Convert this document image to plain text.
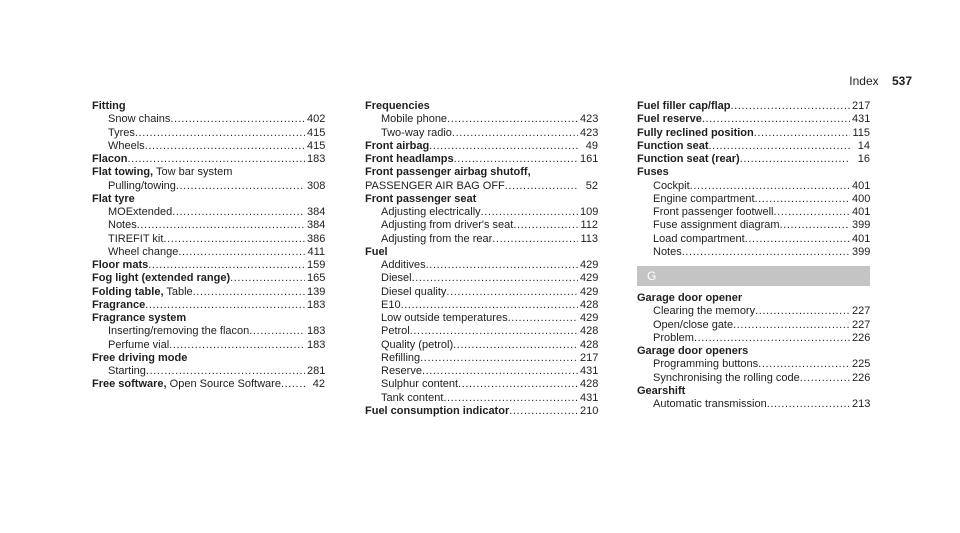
Index 537
Fitting
Snow chains .....	402
Tyres .....	415
Wheels .....	415
Flacon .....	183
Flat towing, Tow bar system
Pulling/towing .....	308
Flat tyre
MOExtended .....	384
Notes .....	384
TIREFIT kit .....	386
Wheel change .....	411
Floor mats .....	159
Fog light (extended range) .....	165
Folding table, Table .....	139
Fragrance .....	183
Fragrance system
Inserting/removing the flacon .....	183
Perfume vial .....	183
Free driving mode
Starting .....	281
Free software, Open Source Software .....	42
Frequencies
Mobile phone .....	423
Two-way radio .....	423
Front airbag .....	49
Front headlamps .....	161
Front passenger airbag shutoff,
PASSENGER AIR BAG OFF .....	52
Front passenger seat
Adjusting electrically .....	109
Adjusting from driver's seat .....	112
Adjusting from the rear .....	113
Fuel
Additives .....	429
Diesel .....	429
Diesel quality .....	429
E10 .....	428
Low outside temperatures .....	429
Petrol .....	428
Quality (petrol) .....	428
Refilling .....	217
Reserve .....	431
Sulphur content .....	428
Tank content .....	431
Fuel consumption indicator .....	210
Fuel filler cap/flap .....	217
Fuel reserve .....	431
Fully reclined position .....	115
Function seat .....	14
Function seat (rear) .....	16
Fuses
Cockpit .....	401
Engine compartment .....	400
Front passenger footwell .....	401
Fuse assignment diagram .....	399
Load compartment .....	401
Notes .....	399
G
Garage door opener
Clearing the memory .....	227
Open/close gate .....	227
Problem .....	226
Garage door openers
Programming buttons .....	225
Synchronising the rolling code .....	226
Gearshift
Automatic transmission .....	213
